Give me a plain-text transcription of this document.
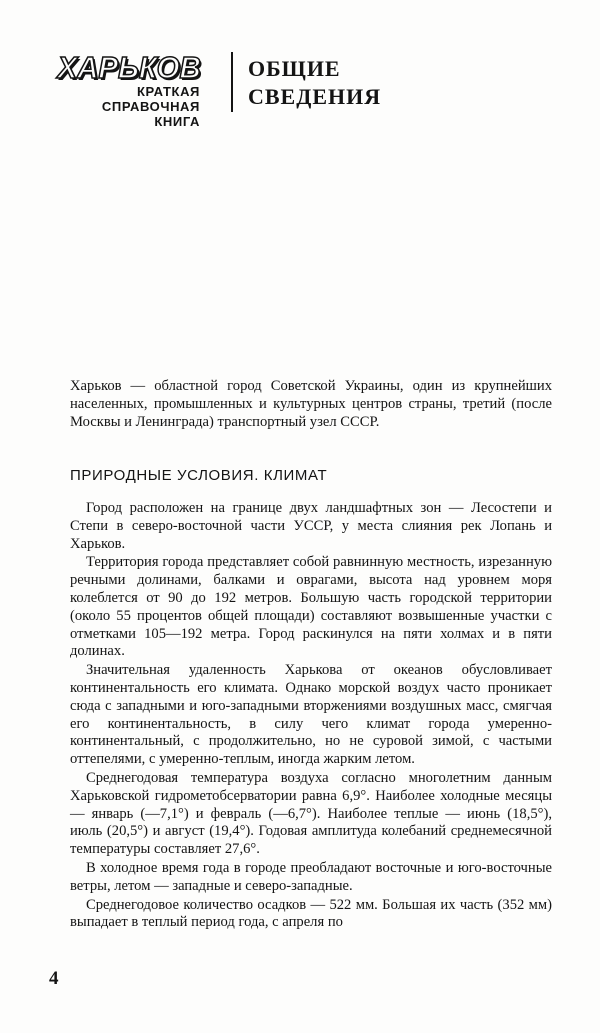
ХАРЬКОВ
КРАТКАЯ
СПРАВОЧНАЯ
КНИГА
ОБЩИЕ
СВЕДЕНИЯ

Харьков — областной город Советской Украины, один из крупнейших населенных, промышленных и культурных центров страны, третий (после Москвы и Ленинграда) транспортный узел СССР.

ПРИРОДНЫЕ УСЛОВИЯ. КЛИМАТ

Город расположен на границе двух ландшафтных зон — Лесостепи и Степи в северо-восточной части УССР, у места слияния рек Лопань и Харьков.

Территория города представляет собой равнинную местность, изрезанную речными долинами, балками и оврагами, высота над уровнем моря колеблется от 90 до 192 метров. Большую часть городской территории (около 55 процентов общей площади) составляют возвышенные участки с отметками 105—192 метра. Город раскинулся на пяти холмах и в пяти долинах.

Значительная удаленность Харькова от океанов обусловливает континентальность его климата. Однако морской воздух часто проникает сюда с западными и юго-западными вторжениями воздушных масс, смягчая его континентальность, в силу чего климат города умеренно-континентальный, с продолжительно, но не суровой зимой, с частыми оттепелями, с умеренно-теплым, иногда жарким летом.

Среднегодовая температура воздуха согласно многолетним данным Харьковской гидрометобсерватории равна 6,9°. Наиболее холодные месяцы — январь (—7,1°) и февраль (—6,7°). Наиболее теплые — июнь (18,5°), июль (20,5°) и август (19,4°). Годовая амплитуда колебаний среднемесячной температуры составляет 27,6°.

В холодное время года в городе преобладают восточные и юго-восточные ветры, летом — западные и северо-западные.

Среднегодовое количество осадков — 522 мм. Большая их часть (352 мм) выпадает в теплый период года, с апреля по

4
